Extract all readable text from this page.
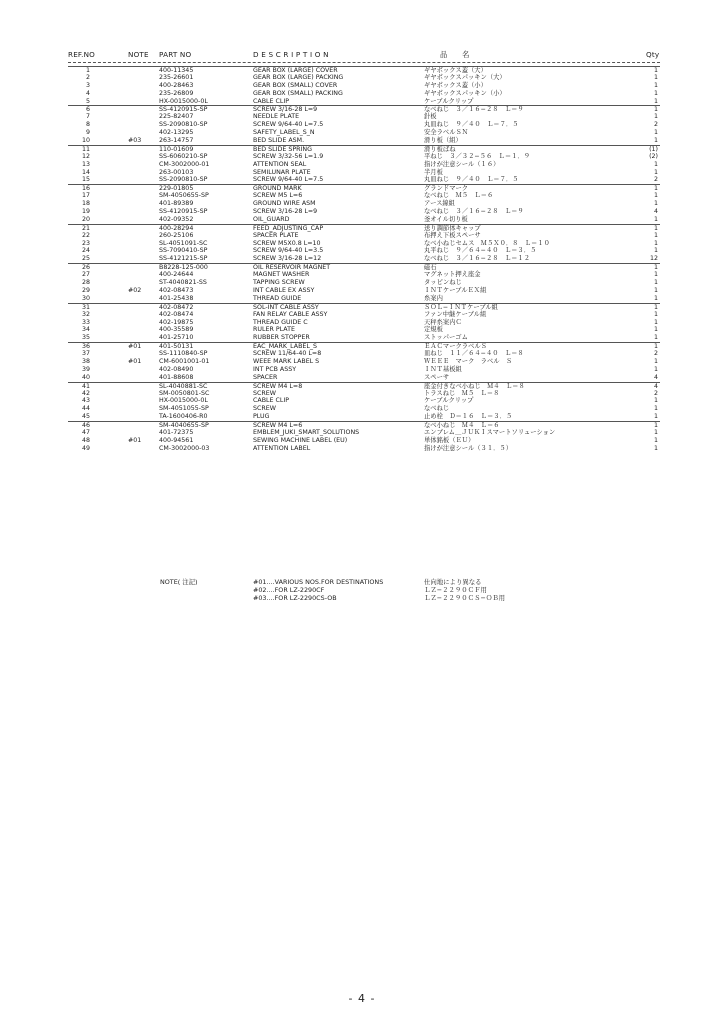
REF.NO	NOTE PART NO	D E S C R I P T I O N	品　　名	Qty
1	400-11345	GEAR BOX (LARGE) COVER	ギヤボックス蓋（大）	1
2	235-26601	GEAR BOX (LARGE) PACKING	ギヤボックスパッキン（大）	1
3	400-28463	GEAR BOX (SMALL) COVER	ギヤボックス蓋（小）	1
4	235-26809	GEAR BOX (SMALL) PACKING	ギヤボックスパッキン（小）	1
5	HX-0015000-0L	CABLE CLIP	ケーブルクリップ	1
6	SS-4120915-SP	SCREW 3/16-28 L=9	なべねじ　３／１６−２８　Ｌ＝９	1
7	225-82407	NEEDLE PLATE	針板	1
8	SS-2090810-SP	SCREW 9/64-40 L=7.5	丸皿ねじ　９／４０　Ｌ＝７．５	2
9	402-13295	SAFETY_LABEL_S_N	安全ラベルＳＮ	1
10	#03	263-14757	BED SLIDE ASM.	滑り板（組）	1
11	110-01609	BED SLIDE SPRING	滑り板ばね	(1)
12	SS-6060210-SP	SCREW 3/32-56 L=1.9	平ねじ　３／３２−５６　Ｌ＝１．９	(2)
13	CM-3002000-01	ATTENTION SEAL	指けが注意シール（１６）	1
14	263-00103	SEMILUNAR PLATE	半月板	1
15	SS-2090810-SP	SCREW 9/64-40 L=7.5	丸皿ねじ　９／４０　Ｌ＝７．５	2
16	229-01805	GROUND MARK	グランドマーク	1
17	SM-4050655-SP	SCREW M5 L=6	なべねじ　Ｍ５　Ｌ＝６	1
18	401-89389	GROUND WIRE ASM	アース線組	1
19	SS-4120915-SP	SCREW 3/16-28 L=9	なべねじ　３／１６−２８　Ｌ＝９	4
20	402-09352	OIL_GUARD	釜オイル切り板	1
21	400-28294	FEED_ADJUSTING_CAP	送り調節体キャップ	1
22	260-25106	SPACER PLATE	布押え下板スペーサ	1
23	SL-4051091-SC	SCREW M5X0.8 L=10	なべ小ねじセムス　Ｍ５Ｘ０．８　Ｌ＝１０	1
24	SS-7090410-SP	SCREW 9/64-40 L=3.5	丸平ねじ　９／６４−４０　Ｌ＝３．５	1
25	SS-4121215-SP	SCREW 3/16-28 L=12	なべねじ　３／１６−２８　Ｌ＝１２	12
26	B8228-125-000	OIL RESERVOIR MAGNET	磁石	1
27	400-24644	MAGNET WASHER	マグネット押え座金	1
28	ST-4040821-SS	TAPPING SCREW	タッピンねじ	1
29	#02	402-08473	INT CABLE EX ASSY	ＩＮＴケーブルＥＸ組	1
30	401-25438	THREAD GUIDE	糸案内	1
31	402-08472	SOL-INT CABLE ASSY	ＳＯＬ−ＩＮＴケーブル組	1
32	402-08474	FAN RELAY CABLE ASSY	ファン中継ケーブル組	1
33	402-19875	THREAD GUIDE C	天秤糸案内Ｃ	1
34	400-35589	RULER PLATE	定規板	1
35	401-25710	RUBBER STOPPER	ストッパーゴム	1
36	#01	401-50131	EAC_MARK_LABEL_S	ＥＡＣマークラベルＳ	1
37	SS-1110840-SP	SCREW 11/64-40 L=8	皿ねじ　１１／６４−４０　Ｌ＝８	2
38	#01	CM-6001001-01	WEEE MARK LABEL S	ＷＥＥＥ　マーク　ラベル　Ｓ	1
39	402-08490	INT PCB ASSY	ＩＮＴ基板組	1
40	401-88608	SPACER	スペーサ	4
41	SL-4040881-SC	SCREW M4 L=8	座金付きなべ小ねじ　Ｍ４　Ｌ＝８	4
42	SM-0050801-SC	SCREW	トラスねじ　Ｍ５　Ｌ＝８	2
43	HX-0015000-0L	CABLE CLIP	ケーブルクリップ	1
44	SM-4051055-SP	SCREW	なべねじ	1
45	TA-1600406-R0	PLUG	止め栓　Ｄ＝１６　Ｌ＝３．５	1
46	SM-4040655-SP	SCREW M4 L=6	なべ小ねじ　Ｍ４　Ｌ＝６	1
47	401-72375	EMBLEM_JUKI_SMART_SOLUTIONS	エンブレム＿ＪＵＫＩスマートソリューション	1
48	#01	400-94561	SEWING MACHINE LABEL (EU)	単体銘板（ＥＵ）	1
49	CM-3002000-03	ATTENTION LABEL	指けが注意シール（３１．５）	1
NOTE( 注記)	#01....VARIOUS NOS.FOR DESTINATIONS	仕向地により異なる
#02....FOR LZ-2290CF	ＬＺ−２２９０ＣＦ用
#03....FOR LZ-2290CS-OB	ＬＺ−２２９０ＣＳ−ＯＢ用
- 4 -
